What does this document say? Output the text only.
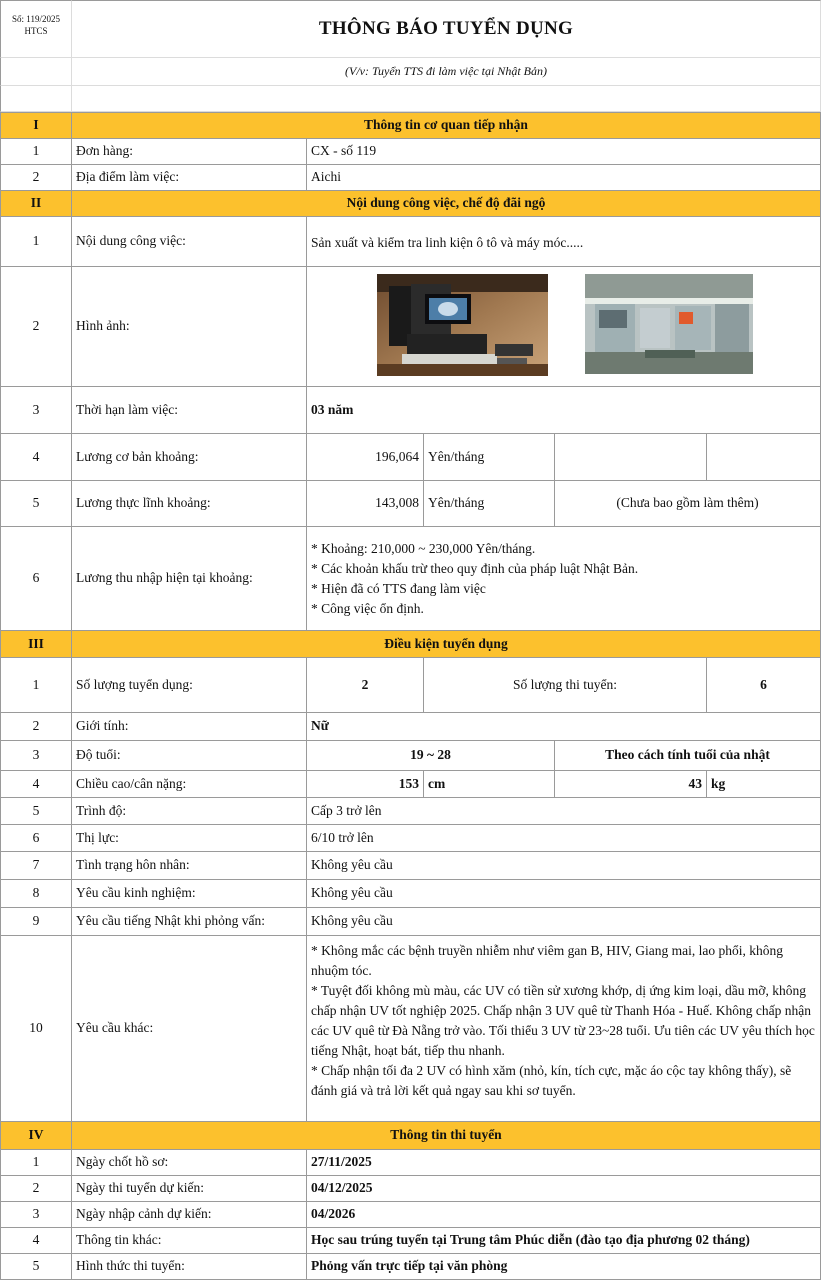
Số: 119/2025
HTCS	THÔNG BÁO TUYỂN DỤNG
(V/v: Tuyển TTS đi làm việc tại Nhật Bản)
I	Thông tin cơ quan tiếp nhận
1	Đơn hàng:	CX - số 119
2	Địa điểm làm việc:	Aichi
II	Nội dung công việc, chế độ đãi ngộ
1	Nội dung công việc:	Sản xuất và kiểm tra linh kiện ô tô và máy móc.....
2	Hình ảnh:
3	Thời hạn làm việc:	03 năm
4	Lương cơ bản khoảng:	196,064 Yên/tháng
5	Lương thực lĩnh khoảng:	143,008 Yên/tháng	(Chưa bao gồm làm thêm)
6	Lương thu nhập hiện tại khoảng:
* Khoảng: 210,000 ~ 230,000 Yên/tháng.
* Các khoản khấu trừ theo quy định của pháp luật Nhật Bản.
* Hiện đã có TTS đang làm việc
* Công việc ổn định.
III	Điều kiện tuyển dụng
1	Số lượng tuyển dụng:	2	Số lượng thi tuyển:	6
2	Giới tính:	Nữ
3	Độ tuổi:	19 ~ 28	Theo cách tính tuổi của nhật
4	Chiều cao/cân nặng:	153 cm	43 kg
5	Trình độ:	Cấp 3 trở lên
6	Thị lực:	6/10 trở lên
7	Tình trạng hôn nhân:	Không yêu cầu
8	Yêu cầu kinh nghiệm:	Không yêu cầu
9	Yêu cầu tiếng Nhật khi phỏng vấn:	Không yêu cầu
10	Yêu cầu khác:
* Không mắc các bệnh truyền nhiễm như viêm gan B, HIV, Giang mai, lao phổi, không nhuộm tóc.
* Tuyệt đối không mù màu, các UV có tiền sử xương khớp, dị ứng kim loại, dầu mỡ, không chấp nhận UV tốt nghiệp 2025. Chấp nhận 3 UV quê từ Thanh Hóa - Huế. Không chấp nhận các UV quê từ Đà Nẵng trở vào. Tối thiểu 3 UV từ 23~28 tuổi. Ưu tiên các UV yêu thích học tiếng Nhật, hoạt bát, tiếp thu nhanh.
* Chấp nhận tối đa 2 UV có hình xăm (nhỏ, kín, tích cực, mặc áo cộc tay không thấy), sẽ đánh giá và trả lời kết quả ngay sau khi sơ tuyển.
IV	Thông tin thi tuyển
1	Ngày chốt hồ sơ:	27/11/2025
2	Ngày thi tuyển dự kiến:	04/12/2025
3	Ngày nhập cảnh dự kiến:	04/2026
4	Thông tin khác:	Học sau trúng tuyển tại Trung tâm Phúc diễn (đào tạo địa phương 02 tháng)
5	Hình thức thi tuyển:	Phỏng vấn trực tiếp tại văn phòng
